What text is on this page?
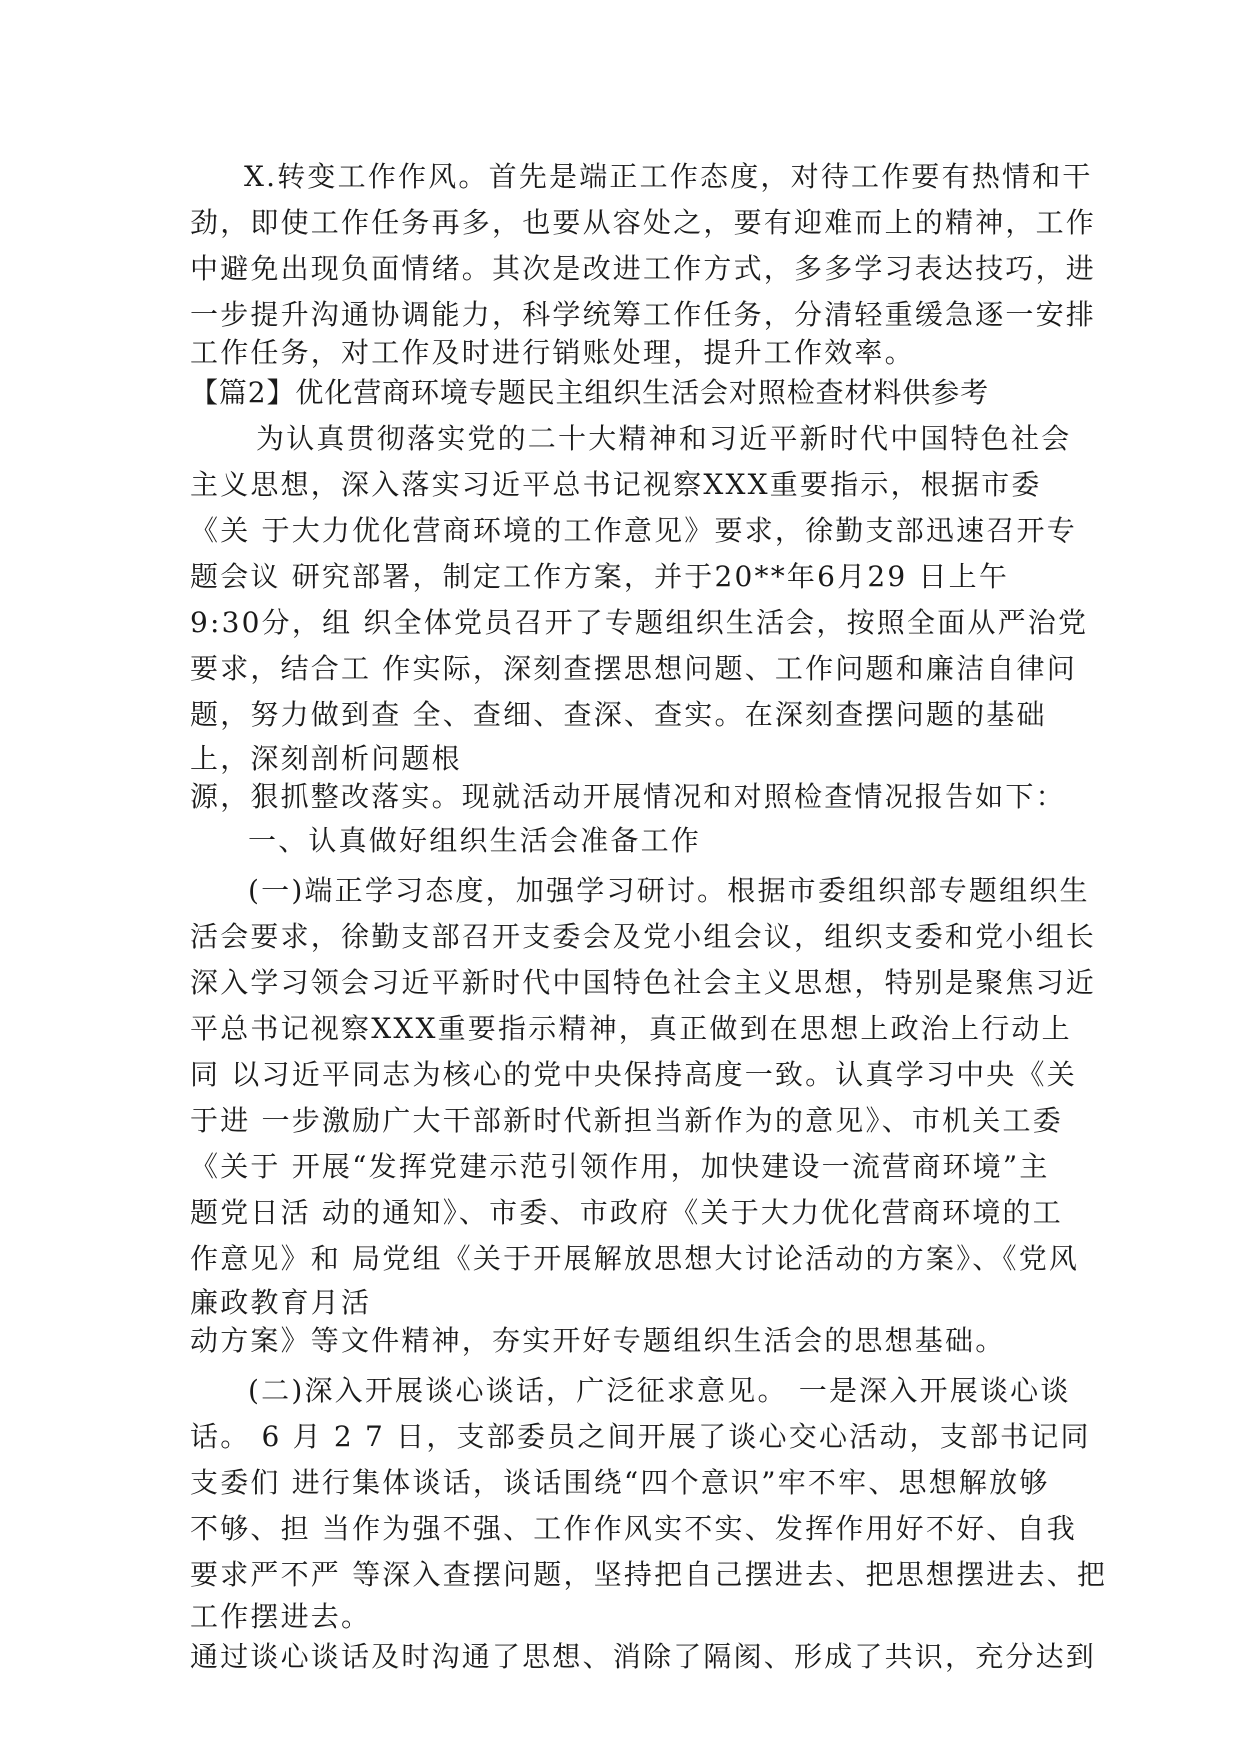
X.转变工作作风。首先是端正工作态度，对待工作要有热情和干
劲，即使工作任务再多，也要从容处之，要有迎难而上的精神，工作
中避免出现负面情绪。其次是改进工作方式，多多学习表达技巧，进
一步提升沟通协调能力，科学统筹工作任务，分清轻重缓急逐一安排
工作任务，对工作及时进行销账处理，提升工作效率。
【篇2】优化营商环境专题民主组织生活会对照检查材料供参考
为认真贯彻落实党的二十大精神和习近平新时代中国特色社会
主义思想，深入落实习近平总书记视察XXX重要指示，根据市委
《关 于大力优化营商环境的工作意见》要求，徐勤支部迅速召开专
题会议 研究部署，制定工作方案，并于20**年6月29 日上午
9:30分，组 织全体党员召开了专题组织生活会，按照全面从严治党
要求，结合工 作实际，深刻查摆思想问题、工作问题和廉洁自律问
题，努力做到查 全、查细、查深、查实。在深刻查摆问题的基础
上，深刻剖析问题根
源，狠抓整改落实。现就活动开展情况和对照检查情况报告如下：
一、认真做好组织生活会准备工作
(一)端正学习态度，加强学习研讨。根据市委组织部专题组织生
活会要求，徐勤支部召开支委会及党小组会议，组织支委和党小组长
深入学习领会习近平新时代中国特色社会主义思想，特别是聚焦习近
平总书记视察XXX重要指示精神，真正做到在思想上政治上行动上
同 以习近平同志为核心的党中央保持高度一致。认真学习中央《关
于进 一步激励广大干部新时代新担当新作为的意见》、市机关工委
《关于 开展“发挥党建示范引领作用，加快建设一流营商环境”主
题党日活 动的通知》、市委、市政府《关于大力优化营商环境的工
作意见》和 局党组《关于开展解放思想大讨论活动的方案》、《党风
廉政教育月活
动方案》等文件精神，夯实开好专题组织生活会的思想基础。
(二)深入开展谈心谈话，广泛征求意见。 一是深入开展谈心谈
话。 6 月 2 7 日，支部委员之间开展了谈心交心活动，支部书记同
支委们 进行集体谈话，谈话围绕“四个意识”牢不牢、思想解放够
不够、担 当作为强不强、工作作风实不实、发挥作用好不好、自我
要求严不严 等深入查摆问题，坚持把自己摆进去、把思想摆进去、把
工作摆进去。
通过谈心谈话及时沟通了思想、消除了隔阂、形成了共识，充分达到
